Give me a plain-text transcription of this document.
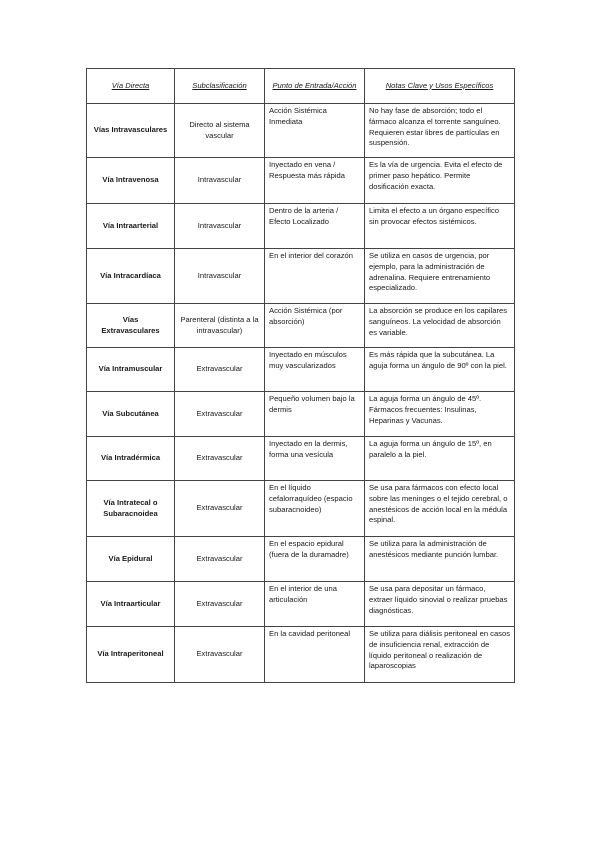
Vía Directa	Subclasificación	Punto de Entrada/Acción	Notas Clave y Usos Específicos
Vías Intravasculares	Directo al sistema vascular	Acción Sistémica Inmediata	No hay fase de absorción; todo el fármaco alcanza el torrente sanguíneo. Requieren estar libres de partículas en suspensión.
Vía Intravenosa	Intravascular	Inyectado en vena / Respuesta más rápida	Es la vía de urgencia. Evita el efecto de primer paso hepático. Permite dosificación exacta.
Vía Intraarterial	Intravascular	Dentro de la arteria / Efecto Localizado	Limita el efecto a un órgano específico sin provocar efectos sistémicos.
Vía Intracardíaca	Intravascular	En el interior del corazón	Se utiliza en casos de urgencia, por ejemplo, para la administración de adrenalina. Requiere entrenamiento especializado.
Vías Extravasculares	Parenteral (distinta a la intravascular)	Acción Sistémica (por absorción)	La absorción se produce en los capilares sanguíneos. La velocidad de absorción es variable.
Vía Intramuscular	Extravascular	Inyectado en músculos muy vascularizados	Es más rápida que la subcutánea. La aguja forma un ángulo de 90º con la piel.
Vía Subcutánea	Extravascular	Pequeño volumen bajo la dermis	La aguja forma un ángulo de 45º. Fármacos frecuentes: Insulinas, Heparinas y Vacunas.
Vía Intradérmica	Extravascular	Inyectado en la dermis, forma una vesícula	La aguja forma un ángulo de 15º, en paralelo a la piel.
Vía Intratecal o Subaracnoidea	Extravascular	En el líquido cefalorraquídeo (espacio subaracnoideo)	Se usa para fármacos con efecto local sobre las meninges o el tejido cerebral, o anestésicos de acción local en la médula espinal.
Vía Epidural	Extravascular	En el espacio epidural (fuera de la duramadre)	Se utiliza para la administración de anestésicos mediante punción lumbar.
Vía Intraarticular	Extravascular	En el interior de una articulación	Se usa para depositar un fármaco, extraer líquido sinovial o realizar pruebas diagnósticas.
Vía Intraperitoneal	Extravascular	En la cavidad peritoneal	Se utiliza para diálisis peritoneal en casos de insuficiencia renal, extracción de líquido peritoneal o realización de laparoscopias
